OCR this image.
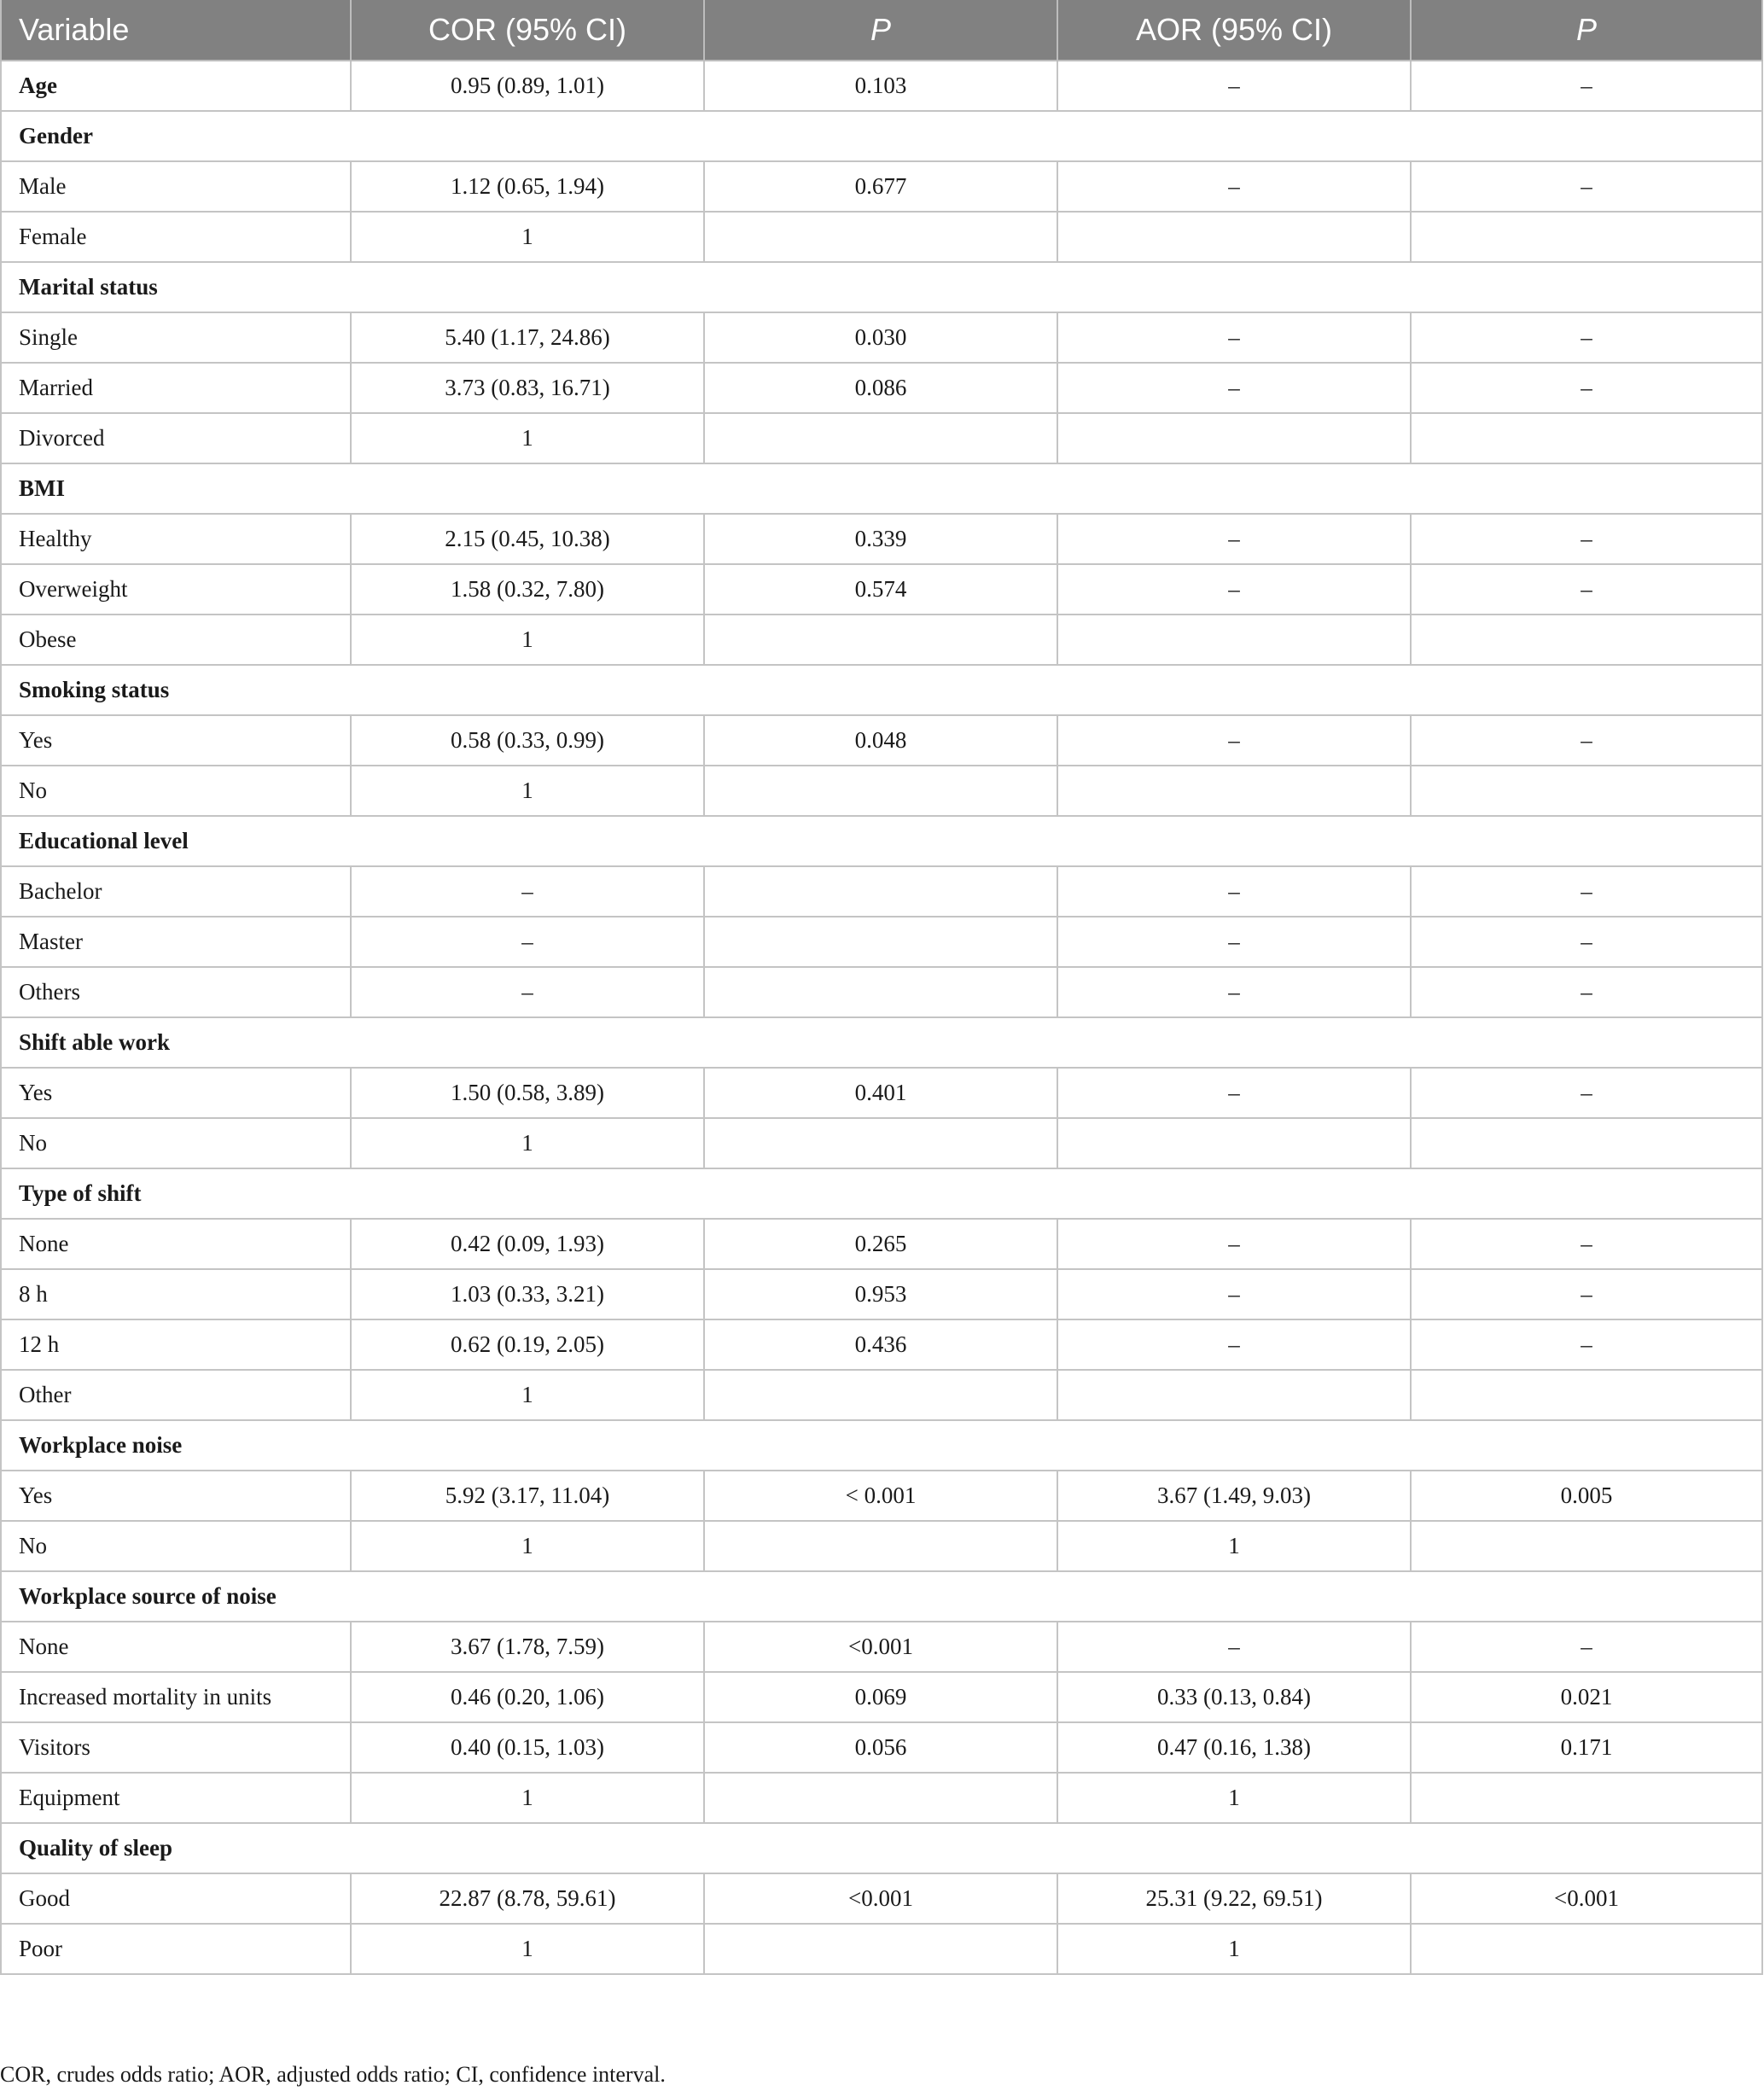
Variable	COR (95% CI)	P	AOR (95% CI)	P
Age	0.95 (0.89, 1.01)	0.103	–	–
Gender				
Male	1.12 (0.65, 1.94)	0.677	–	–
Female	1			
Marital status				
Single	5.40 (1.17, 24.86)	0.030	–	–
Married	3.73 (0.83, 16.71)	0.086	–	–
Divorced	1			
BMI				
Healthy	2.15 (0.45, 10.38)	0.339	–	–
Overweight	1.58 (0.32, 7.80)	0.574	–	–
Obese	1			
Smoking status				
Yes	0.58 (0.33, 0.99)	0.048	–	–
No	1			
Educational level				
Bachelor	–		–	–
Master	–		–	–
Others	–		–	–
Shift able work				
Yes	1.50 (0.58, 3.89)	0.401	–	–
No	1			
Type of shift				
None	0.42 (0.09, 1.93)	0.265	–	–
8 h	1.03 (0.33, 3.21)	0.953	–	–
12 h	0.62 (0.19, 2.05)	0.436	–	–
Other	1			
Workplace noise				
Yes	5.92 (3.17, 11.04)	< 0.001	3.67 (1.49, 9.03)	0.005
No	1		1	
Workplace source of noise				
None	3.67 (1.78, 7.59)	<0.001	–	–
Increased mortality in units	0.46 (0.20, 1.06)	0.069	0.33 (0.13, 0.84)	0.021
Visitors	0.40 (0.15, 1.03)	0.056	0.47 (0.16, 1.38)	0.171
Equipment	1		1	
Quality of sleep				
Good	22.87 (8.78, 59.61)	<0.001	25.31 (9.22, 69.51)	<0.001
Poor	1		1	
COR, crudes odds ratio; AOR, adjusted odds ratio; CI, confidence interval.
